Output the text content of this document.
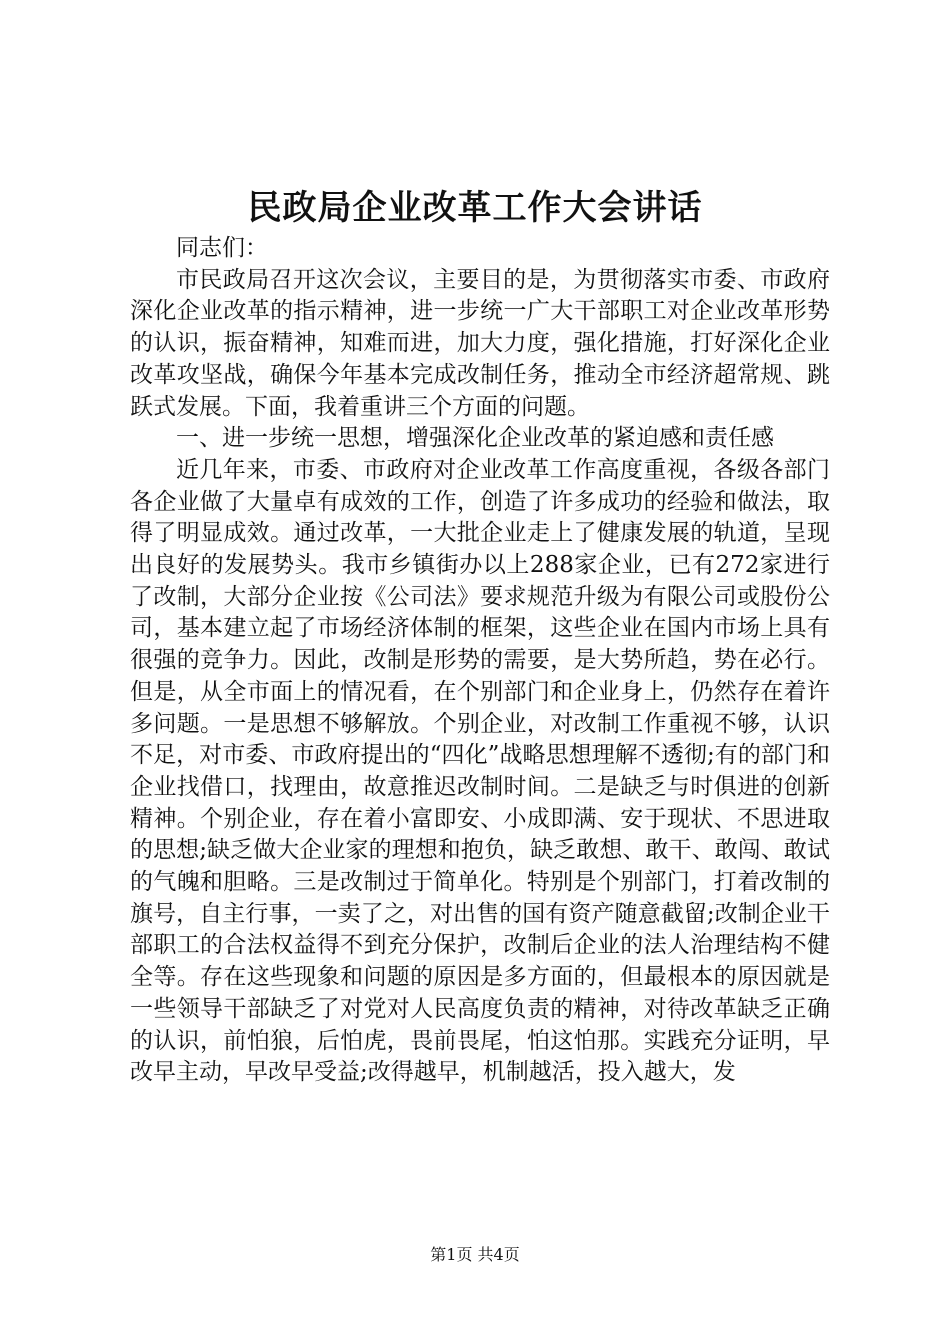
民政局企业改革工作大会讲话

同志们：

市民政局召开这次会议，主要目的是，为贯彻落实市委、市政府深化企业改革的指示精神，进一步统一广大干部职工对企业改革形势的认识，振奋精神，知难而进，加大力度，强化措施，打好深化企业改革攻坚战，确保今年基本完成改制任务，推动全市经济超常规、跳跃式发展。下面，我着重讲三个方面的问题。

一、进一步统一思想，增强深化企业改革的紧迫感和责任感

近几年来，市委、市政府对企业改革工作高度重视，各级各部门各企业做了大量卓有成效的工作，创造了许多成功的经验和做法，取得了明显成效。通过改革，一大批企业走上了健康发展的轨道，呈现出良好的发展势头。我市乡镇街办以上288家企业，已有272家进行了改制，大部分企业按《公司法》要求规范升级为有限公司或股份公司，基本建立起了市场经济体制的框架，这些企业在国内市场上具有很强的竞争力。因此，改制是形势的需要，是大势所趋，势在必行。但是，从全市面上的情况看，在个别部门和企业身上，仍然存在着许多问题。一是思想不够解放。个别企业，对改制工作重视不够，认识不足，对市委、市政府提出的“四化”战略思想理解不透彻;有的部门和企业找借口，找理由，故意推迟改制时间。二是缺乏与时俱进的创新精神。个别企业，存在着小富即安、小成即满、安于现状、不思进取的思想;缺乏做大企业家的理想和抱负，缺乏敢想、敢干、敢闯、敢试的气魄和胆略。三是改制过于简单化。特别是个别部门，打着改制的旗号，自主行事，一卖了之，对出售的国有资产随意截留;改制企业干部职工的合法权益得不到充分保护，改制后企业的法人治理结构不健全等。存在这些现象和问题的原因是多方面的，但最根本的原因就是一些领导干部缺乏了对党对人民高度负责的精神，对待改革缺乏正确的认识，前怕狼，后怕虎，畏前畏尾，怕这怕那。实践充分证明，早改早主动，早改早受益;改得越早，机制越活，投入越大，发

第1页 共4页
